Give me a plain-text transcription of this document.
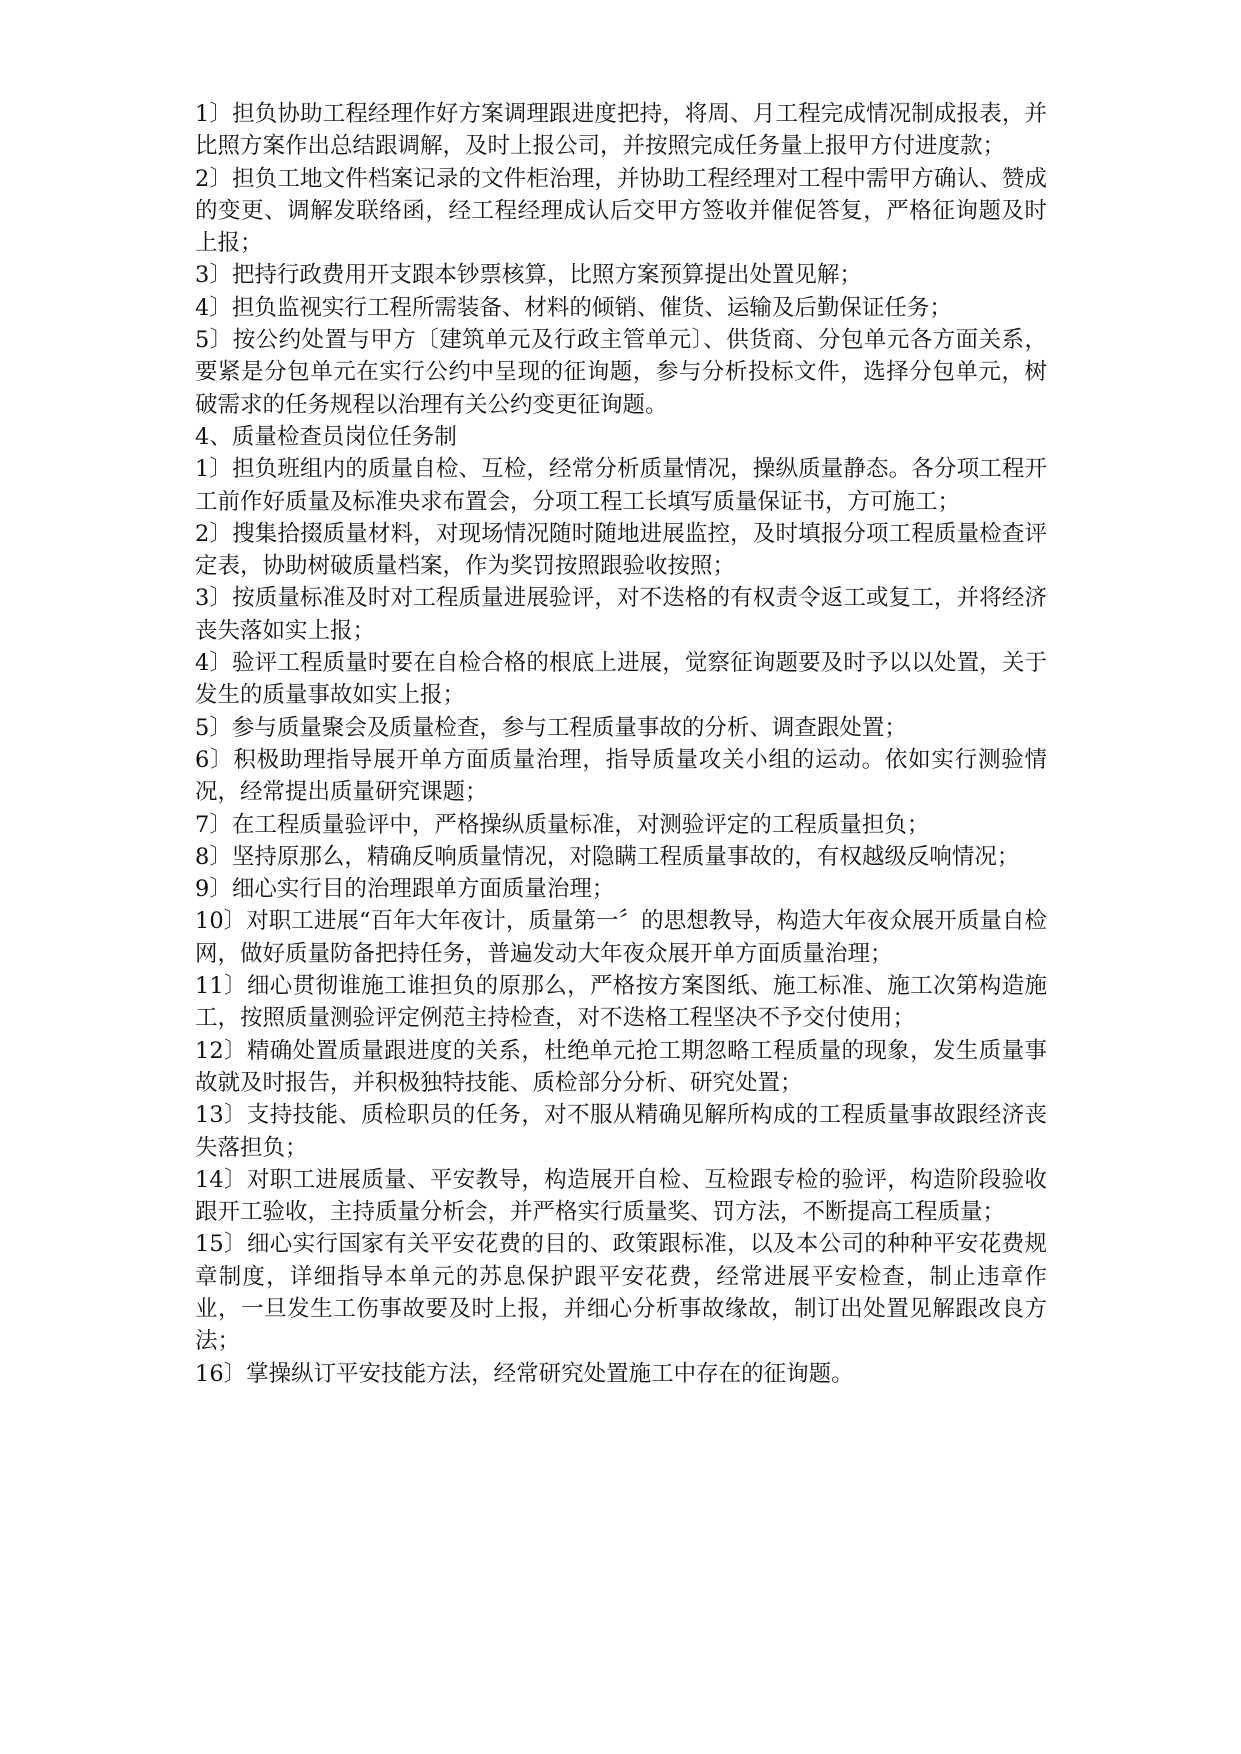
1〕担负协助工程经理作好方案调理跟进度把持，将周、月工程完成情况制成报表，并比照方案作出总结跟调解，及时上报公司，并按照完成任务量上报甲方付进度款；

2〕担负工地文件档案记录的文件柜治理，并协助工程经理对工程中需甲方确认、赞成的变更、调解发联络函，经工程经理成认后交甲方签收并催促答复，严格征询题及时上报；

3〕把持行政费用开支跟本钞票核算，比照方案预算提出处置见解；

4〕担负监视实行工程所需装备、材料的倾销、催货、运输及后勤保证任务；

5〕按公约处置与甲方〔建筑单元及行政主管单元〕、供货商、分包单元各方面关系，要紧是分包单元在实行公约中呈现的征询题，参与分析投标文件，选择分包单元，树破需求的任务规程以治理有关公约变更征询题。

4、质量检查员岗位任务制

1〕担负班组内的质量自检、互检，经常分析质量情况，操纵质量静态。各分项工程开工前作好质量及标准央求布置会，分项工程工长填写质量保证书，方可施工；

2〕搜集拾掇质量材料，对现场情况随时随地进展监控，及时填报分项工程质量检查评定表，协助树破质量档案，作为奖罚按照跟验收按照；

3〕按质量标准及时对工程质量进展验评，对不迭格的有权责令返工或复工，并将经济丧失落如实上报；

4〕验评工程质量时要在自检合格的根底上进展，觉察征询题要及时予以以处置，关于发生的质量事故如实上报；

5〕参与质量聚会及质量检查，参与工程质量事故的分析、调查跟处置；

6〕积极助理指导展开单方面质量治理，指导质量攻关小组的运动。依如实行测验情况，经常提出质量研究课题；

7〕在工程质量验评中，严格操纵质量标准，对测验评定的工程质量担负；

8〕坚持原那么，精确反响质量情况，对隐瞒工程质量事故的，有权越级反响情况；

9〕细心实行目的治理跟单方面质量治理；

10〕对职工进展“百年大年夜计，质量第一〞的思想教导，构造大年夜众展开质量自检网，做好质量防备把持任务，普遍发动大年夜众展开单方面质量治理；

11〕细心贯彻谁施工谁担负的原那么，严格按方案图纸、施工标准、施工次第构造施工，按照质量测验评定例范主持检查，对不迭格工程坚决不予交付使用；

12〕精确处置质量跟进度的关系，杜绝单元抢工期忽略工程质量的现象，发生质量事故就及时报告，并积极独特技能、质检部分分析、研究处置；

13〕支持技能、质检职员的任务，对不服从精确见解所构成的工程质量事故跟经济丧失落担负；

14〕对职工进展质量、平安教导，构造展开自检、互检跟专检的验评，构造阶段验收跟开工验收，主持质量分析会，并严格实行质量奖、罚方法，不断提高工程质量；

15〕细心实行国家有关平安花费的目的、政策跟标准，以及本公司的种种平安花费规章制度，详细指导本单元的苏息保护跟平安花费，经常进展平安检查，制止违章作业，一旦发生工伤事故要及时上报，并细心分析事故缘故，制订出处置见解跟改良方法；

16〕掌操纵订平安技能方法，经常研究处置施工中存在的征询题。
